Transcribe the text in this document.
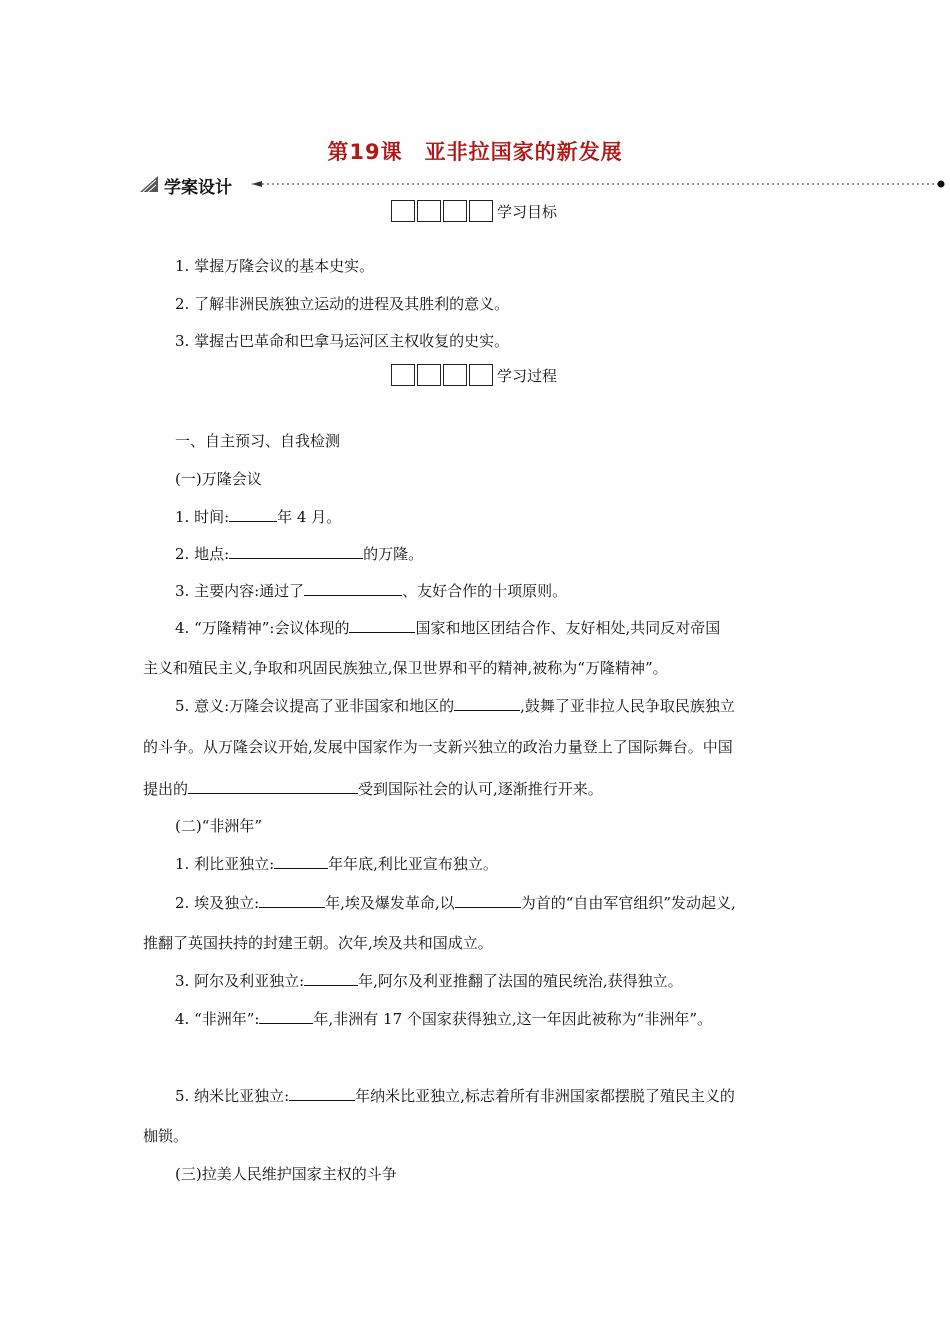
第19课　亚非拉国家的新发展
学案设计
学习目标
1. 掌握万隆会议的基本史实。
2. 了解非洲民族独立运动的进程及其胜利的意义。
3. 掌握古巴革命和巴拿马运河区主权收复的史实。
学习过程
一、自主预习、自我检测
(一)万隆会议
1. 时间:	年 4 月。
2. 地点:	的万隆。
3. 主要内容:通过了	、友好合作的十项原则。
4. “万隆精神”:会议体现的	国家和地区团结合作、友好相处,共同反对帝国
主义和殖民主义,争取和巩固民族独立,保卫世界和平的精神,被称为“万隆精神”。
5. 意义:万隆会议提高了亚非国家和地区的	,鼓舞了亚非拉人民争取民族独立
的斗争。从万隆会议开始,发展中国家作为一支新兴独立的政治力量登上了国际舞台。中国
提出的	受到国际社会的认可,逐渐推行开来。
(二)“非洲年”
1. 利比亚独立:	年年底,利比亚宣布独立。
2. 埃及独立:	年,埃及爆发革命,以	为首的“自由军官组织”发动起义,
推翻了英国扶持的封建王朝。次年,埃及共和国成立。
3. 阿尔及利亚独立:	年,阿尔及利亚推翻了法国的殖民统治,获得独立。
4. “非洲年”:	年,非洲有 17 个国家获得独立,这一年因此被称为“非洲年”。
5. 纳米比亚独立:	年纳米比亚独立,标志着所有非洲国家都摆脱了殖民主义的
枷锁。
(三)拉美人民维护国家主权的斗争
